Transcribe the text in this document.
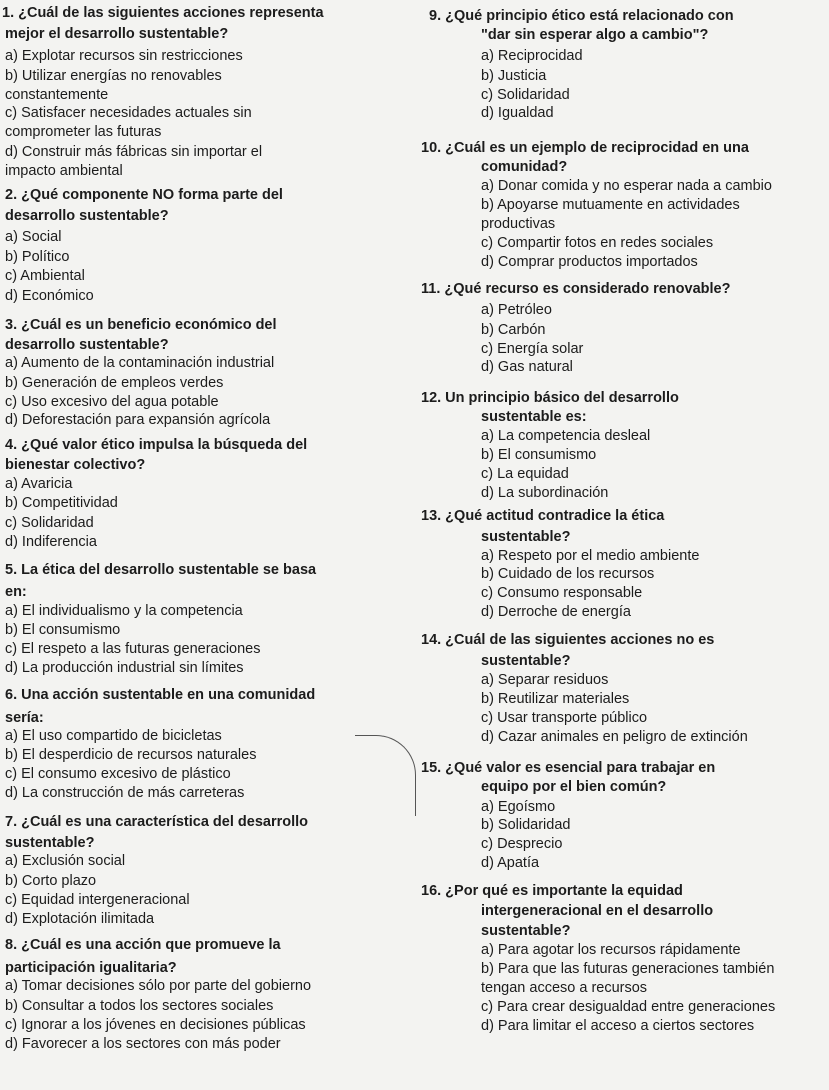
1. ¿Cuál de las siguientes acciones representa
mejor el desarrollo sustentable?
a) Explotar recursos sin restricciones
b) Utilizar energías no renovables
constantemente
c) Satisfacer necesidades actuales sin
comprometer las futuras
d) Construir más fábricas sin importar el
impacto ambiental
2. ¿Qué componente NO forma parte del
desarrollo sustentable?
a) Social
b) Político
c) Ambiental
d) Económico
3. ¿Cuál es un beneficio económico del
desarrollo sustentable?
a) Aumento de la contaminación industrial
b) Generación de empleos verdes
c) Uso excesivo del agua potable
d) Deforestación para expansión agrícola
4. ¿Qué valor ético impulsa la búsqueda del
bienestar colectivo?
a) Avaricia
b) Competitividad
c) Solidaridad
d) Indiferencia
5. La ética del desarrollo sustentable se basa
en:
a) El individualismo y la competencia
b) El consumismo
c) El respeto a las futuras generaciones
d) La producción industrial sin límites
6. Una acción sustentable en una comunidad
sería:
a) El uso compartido de bicicletas
b) El desperdicio de recursos naturales
c) El consumo excesivo de plástico
d) La construcción de más carreteras
7. ¿Cuál es una característica del desarrollo
sustentable?
a) Exclusión social
b) Corto plazo
c) Equidad intergeneracional
d) Explotación ilimitada
8. ¿Cuál es una acción que promueve la
participación igualitaria?
a) Tomar decisiones sólo por parte del gobierno
b) Consultar a todos los sectores sociales
c) Ignorar a los jóvenes en decisiones públicas
d) Favorecer a los sectores con más poder
9. ¿Qué principio ético está relacionado con
"dar sin esperar algo a cambio"?
a) Reciprocidad
b) Justicia
c) Solidaridad
d) Igualdad
10. ¿Cuál es un ejemplo de reciprocidad en una
comunidad?
a) Donar comida y no esperar nada a cambio
b) Apoyarse mutuamente en actividades
productivas
c) Compartir fotos en redes sociales
d) Comprar productos importados
11. ¿Qué recurso es considerado renovable?
a) Petróleo
b) Carbón
c) Energía solar
d) Gas natural
12. Un principio básico del desarrollo
sustentable es:
a) La competencia desleal
b) El consumismo
c) La equidad
d) La subordinación
13. ¿Qué actitud contradice la ética
sustentable?
a) Respeto por el medio ambiente
b) Cuidado de los recursos
c) Consumo responsable
d) Derroche de energía
14. ¿Cuál de las siguientes acciones no es
sustentable?
a) Separar residuos
b) Reutilizar materiales
c) Usar transporte público
d) Cazar animales en peligro de extinción
15. ¿Qué valor es esencial para trabajar en
equipo por el bien común?
a) Egoísmo
b) Solidaridad
c) Desprecio
d) Apatía
16. ¿Por qué es importante la equidad
intergeneracional en el desarrollo
sustentable?
a) Para agotar los recursos rápidamente
b) Para que las futuras generaciones también
tengan acceso a recursos
c) Para crear desigualdad entre generaciones
d) Para limitar el acceso a ciertos sectores
